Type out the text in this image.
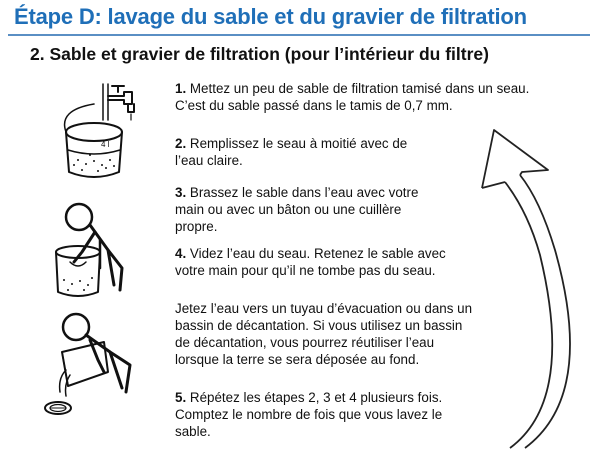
Étape D: lavage du sable et du gravier de filtration
2. Sable et gravier de filtration (pour l’intérieur du filtre)
1. Mettez un peu de sable de filtration tamisé dans un seau.
C’est du sable passé dans le tamis de 0,7 mm.
2. Remplissez le seau à moitié avec de
l’eau claire.
3. Brassez le sable dans l’eau avec votre
main ou avec un bâton ou une cuillère
propre.
4. Videz l’eau du seau. Retenez le sable avec
votre main pour qu’il ne tombe pas du seau.
Jetez l’eau vers un tuyau d’évacuation ou dans un
bassin de décantation. Si vous utilisez un bassin
de décantation, vous pourrez réutiliser l’eau
lorsque la terre se sera déposée au fond.
5. Répétez les étapes 2, 3 et 4 plusieurs fois.
Comptez le nombre de fois que vous lavez le
sable.
4 l
